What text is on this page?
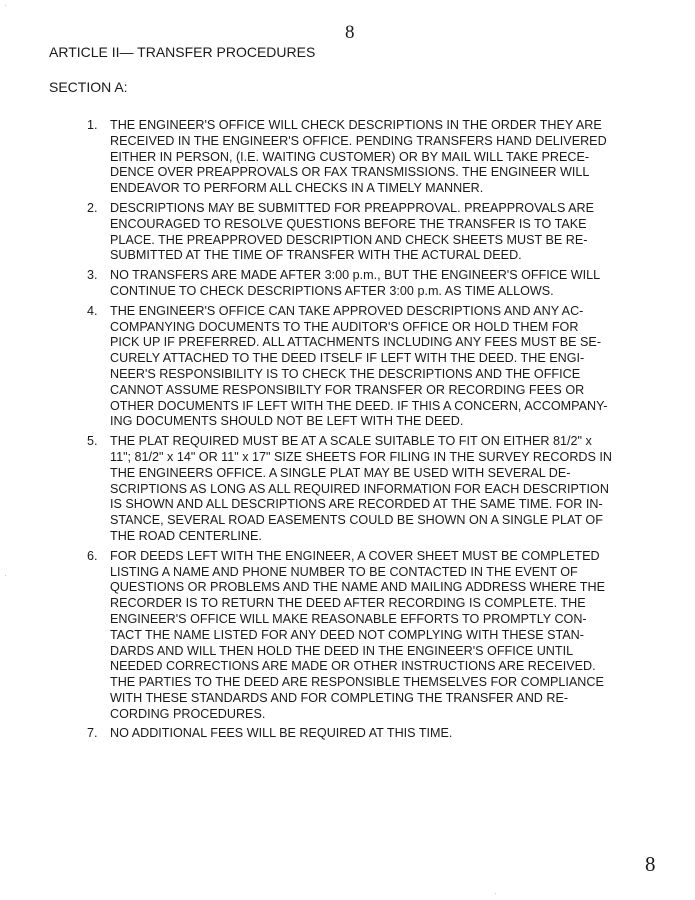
8
ARTICLE II— TRANSFER PROCEDURES
SECTION A:
1. THE ENGINEER'S OFFICE WILL CHECK DESCRIPTIONS IN THE ORDER THEY ARE
RECEIVED IN THE ENGINEER'S OFFICE. PENDING TRANSFERS HAND DELIVERED
EITHER IN PERSON, (I.E. WAITING CUSTOMER) OR BY MAIL WILL TAKE PRECE-
DENCE OVER PREAPPROVALS OR FAX TRANSMISSIONS. THE ENGINEER WILL
ENDEAVOR TO PERFORM ALL CHECKS IN A TIMELY MANNER.
2. DESCRIPTIONS MAY BE SUBMITTED FOR PREAPPROVAL. PREAPPROVALS ARE
ENCOURAGED TO RESOLVE QUESTIONS BEFORE THE TRANSFER IS TO TAKE
PLACE. THE PREAPPROVED DESCRIPTION AND CHECK SHEETS MUST BE RE-
SUBMITTED AT THE TIME OF TRANSFER WITH THE ACTURAL DEED.
3. NO TRANSFERS ARE MADE AFTER 3:00 p.m., BUT THE ENGINEER'S OFFICE WILL
CONTINUE TO CHECK DESCRIPTIONS AFTER 3:00 p.m. AS TIME ALLOWS.
4. THE ENGINEER'S OFFICE CAN TAKE APPROVED DESCRIPTIONS AND ANY AC-
COMPANYING DOCUMENTS TO THE AUDITOR'S OFFICE OR HOLD THEM FOR
PICK UP IF PREFERRED. ALL ATTACHMENTS INCLUDING ANY FEES MUST BE SE-
CURELY ATTACHED TO THE DEED ITSELF IF LEFT WITH THE DEED. THE ENGI-
NEER'S RESPONSIBILITY IS TO CHECK THE DESCRIPTIONS AND THE OFFICE
CANNOT ASSUME RESPONSIBILTY FOR TRANSFER OR RECORDING FEES OR
OTHER DOCUMENTS IF LEFT WITH THE DEED. IF THIS A CONCERN, ACCOMPANY-
ING DOCUMENTS SHOULD NOT BE LEFT WITH THE DEED.
5. THE PLAT REQUIRED MUST BE AT A SCALE SUITABLE TO FIT ON EITHER 81/2" x
11"; 81/2" x 14" OR 11" x 17" SIZE SHEETS FOR FILING IN THE SURVEY RECORDS IN
THE ENGINEERS OFFICE. A SINGLE PLAT MAY BE USED WITH SEVERAL DE-
SCRIPTIONS AS LONG AS ALL REQUIRED INFORMATION FOR EACH DESCRIPTION
IS SHOWN AND ALL DESCRIPTIONS ARE RECORDED AT THE SAME TIME. FOR IN-
STANCE, SEVERAL ROAD EASEMENTS COULD BE SHOWN ON A SINGLE PLAT OF
THE ROAD CENTERLINE.
6. FOR DEEDS LEFT WITH THE ENGINEER, A COVER SHEET MUST BE COMPLETED
LISTING A NAME AND PHONE NUMBER TO BE CONTACTED IN THE EVENT OF
QUESTIONS OR PROBLEMS AND THE NAME AND MAILING ADDRESS WHERE THE
RECORDER IS TO RETURN THE DEED AFTER RECORDING IS COMPLETE. THE
ENGINEER'S OFFICE WILL MAKE REASONABLE EFFORTS TO PROMPTLY CON-
TACT THE NAME LISTED FOR ANY DEED NOT COMPLYING WITH THESE STAN-
DARDS AND WILL THEN HOLD THE DEED IN THE ENGINEER'S OFFICE UNTIL
NEEDED CORRECTIONS ARE MADE OR OTHER INSTRUCTIONS ARE RECEIVED.
THE PARTIES TO THE DEED ARE RESPONSIBLE THEMSELVES FOR COMPLIANCE
WITH THESE STANDARDS AND FOR COMPLETING THE TRANSFER AND RE-
CORDING PROCEDURES.
7. NO ADDITIONAL FEES WILL BE REQUIRED AT THIS TIME.
8
